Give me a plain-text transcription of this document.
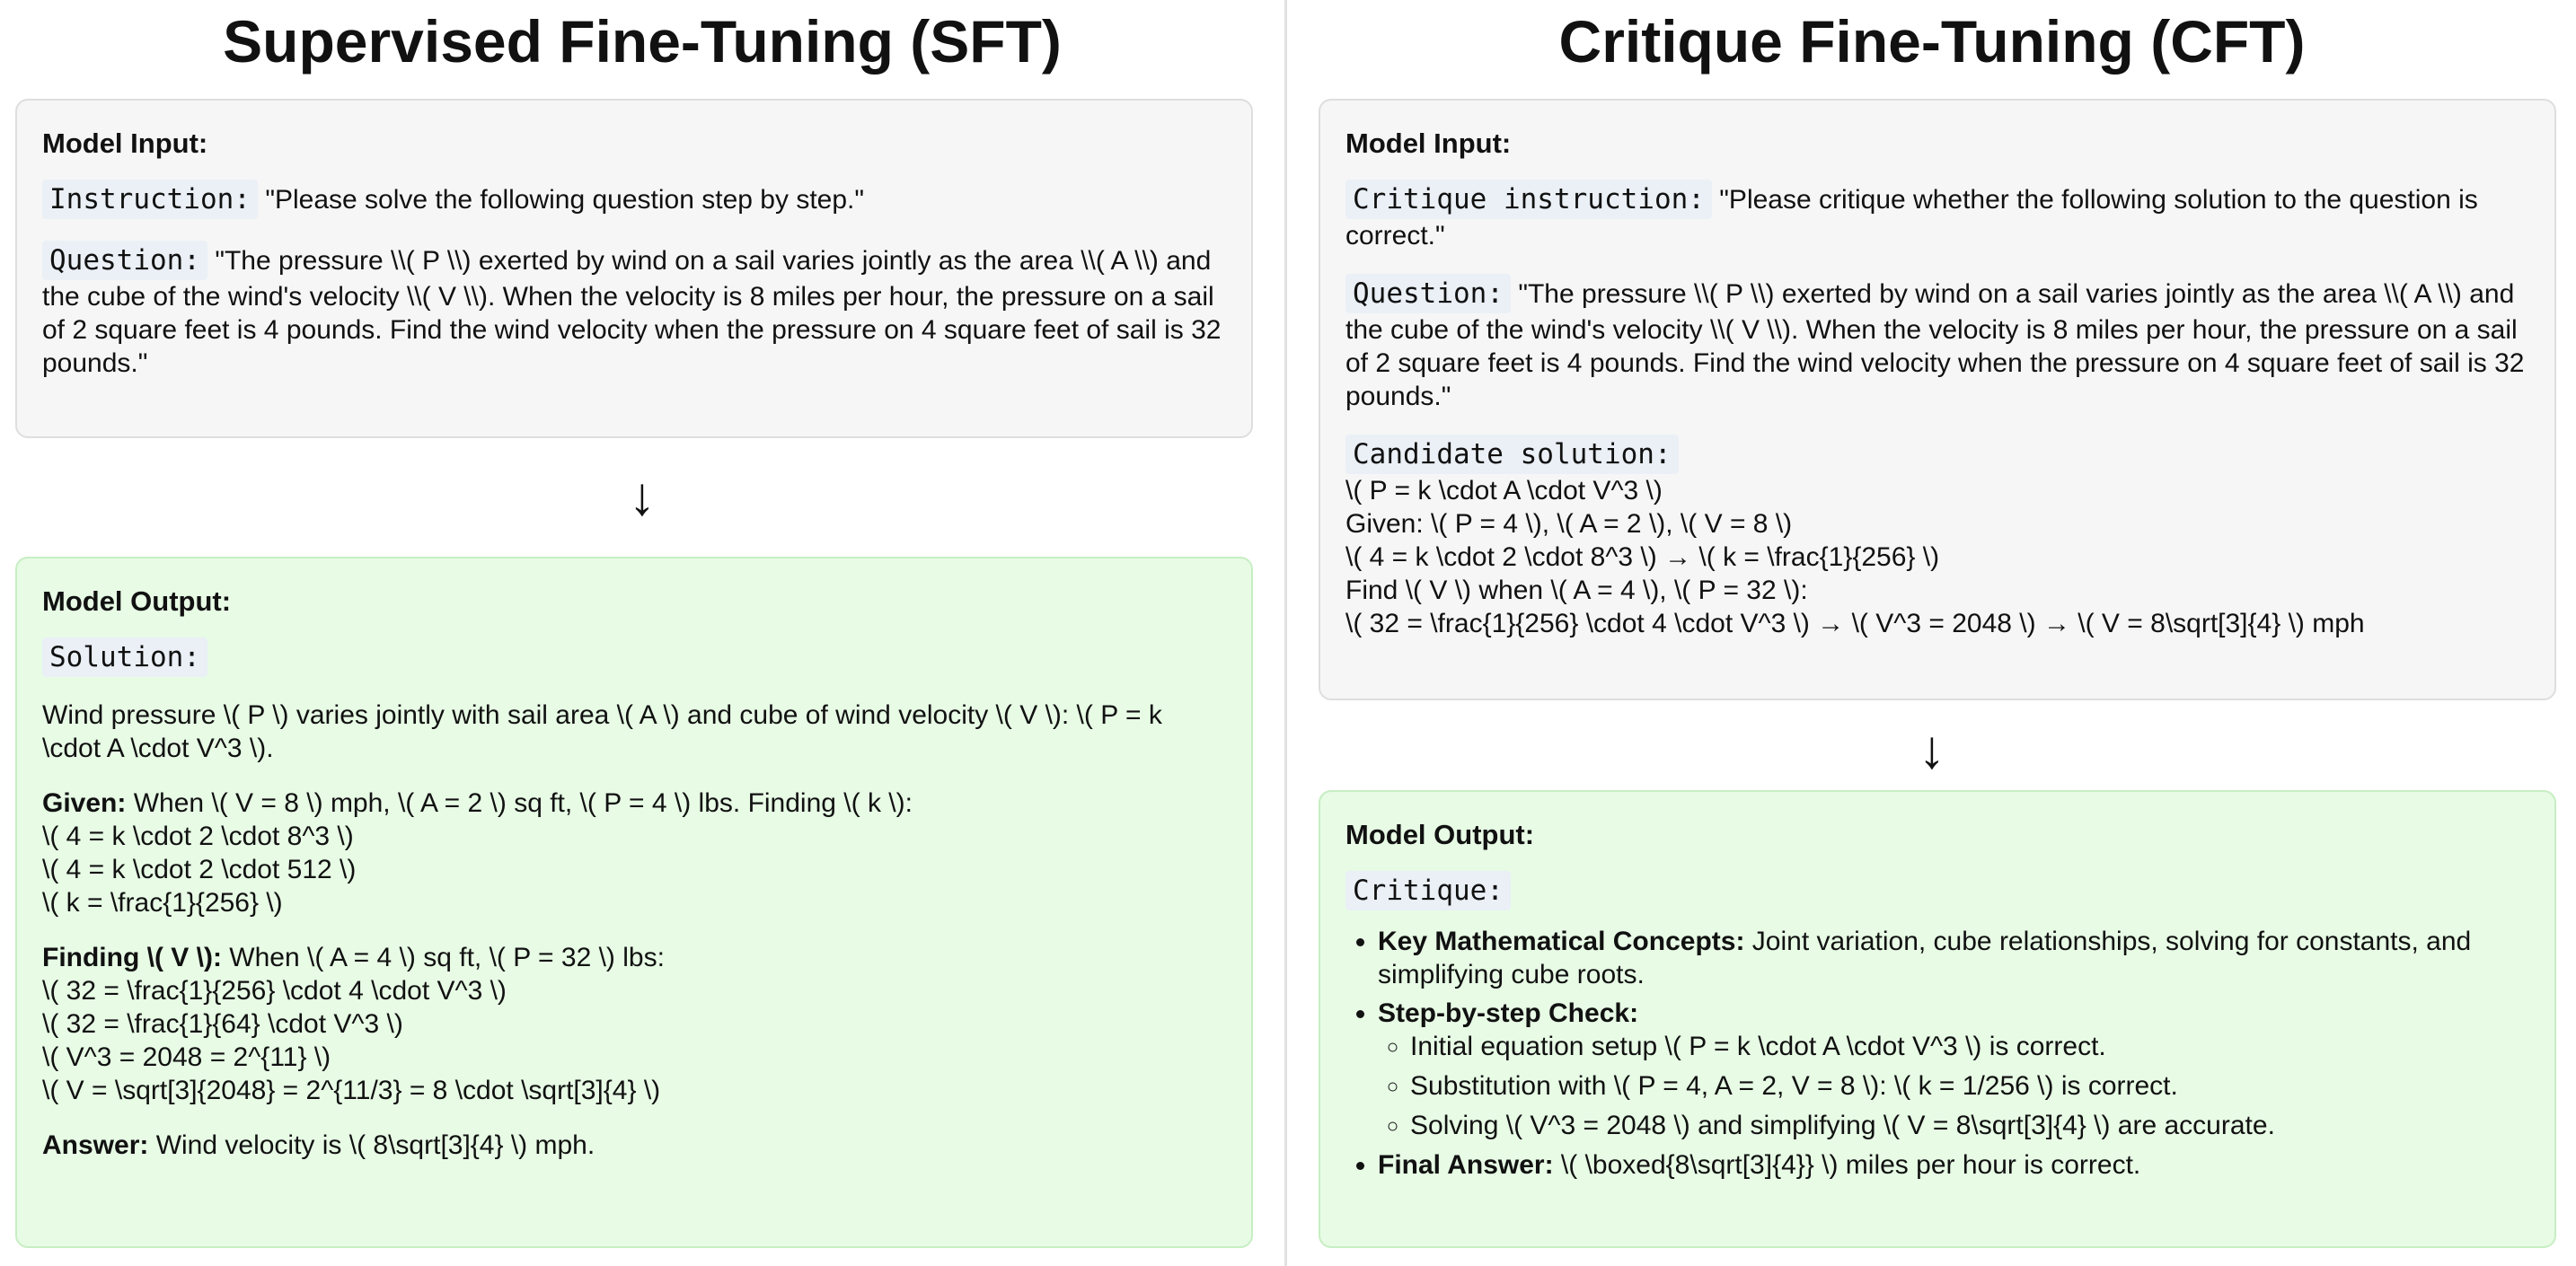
Supervised Fine-Tuning (SFT)
Model Input:
Instruction: "Please solve the following question step by step."
Question: "The pressure \\( P \\) exerted by wind on a sail varies jointly as the area \\( A \\) and the cube of the wind's velocity \\( V \\). When the velocity is 8 miles per hour, the pressure on a sail of 2 square feet is 4 pounds. Find the wind velocity when the pressure on 4 square feet of sail is 32 pounds."
↓
Model Output:
Solution:
Wind pressure \( P \) varies jointly with sail area \( A \) and cube of wind velocity \( V \): \( P = k \cdot A \cdot V^3 \).
Given: When \( V = 8 \) mph, \( A = 2 \) sq ft, \( P = 4 \) lbs. Finding \( k \):
\( 4 = k \cdot 2 \cdot 8^3 \)
\( 4 = k \cdot 2 \cdot 512 \)
\( k = \frac{1}{256} \)
Finding \( V \): When \( A = 4 \) sq ft, \( P = 32 \) lbs:
\( 32 = \frac{1}{256} \cdot 4 \cdot V^3 \)
\( 32 = \frac{1}{64} \cdot V^3 \)
\( V^3 = 2048 = 2^{11} \)
\( V = \sqrt[3]{2048} = 2^{11/3} = 8 \cdot \sqrt[3]{4} \)
Answer: Wind velocity is \( 8\sqrt[3]{4} \) mph.
Critique Fine-Tuning (CFT)
Model Input:
Critique instruction: "Please critique whether the following solution to the question is correct."
Question: "The pressure \\( P \\) exerted by wind on a sail varies jointly as the area \\( A \\) and the cube of the wind's velocity \\( V \\). When the velocity is 8 miles per hour, the pressure on a sail of 2 square feet is 4 pounds. Find the wind velocity when the pressure on 4 square feet of sail is 32 pounds."
Candidate solution:
\( P = k \cdot A \cdot V^3 \)
Given: \( P = 4 \), \( A = 2 \), \( V = 8 \)
\( 4 = k \cdot 2 \cdot 8^3 \) → \( k = \frac{1}{256} \)
Find \( V \) when \( A = 4 \), \( P = 32 \):
\( 32 = \frac{1}{256} \cdot 4 \cdot V^3 \) → \( V^3 = 2048 \) → \( V = 8\sqrt[3]{4} \) mph
↓
Model Output:
Critique:
• Key Mathematical Concepts: Joint variation, cube relationships, solving for constants, and simplifying cube roots.
• Step-by-step Check:
◦ Initial equation setup \( P = k \cdot A \cdot V^3 \) is correct.
◦ Substitution with \( P = 4, A = 2, V = 8 \): \( k = 1/256 \) is correct.
◦ Solving \( V^3 = 2048 \) and simplifying \( V = 8\sqrt[3]{4} \) are accurate.
• Final Answer: \( \boxed{8\sqrt[3]{4}} \) miles per hour is correct.
